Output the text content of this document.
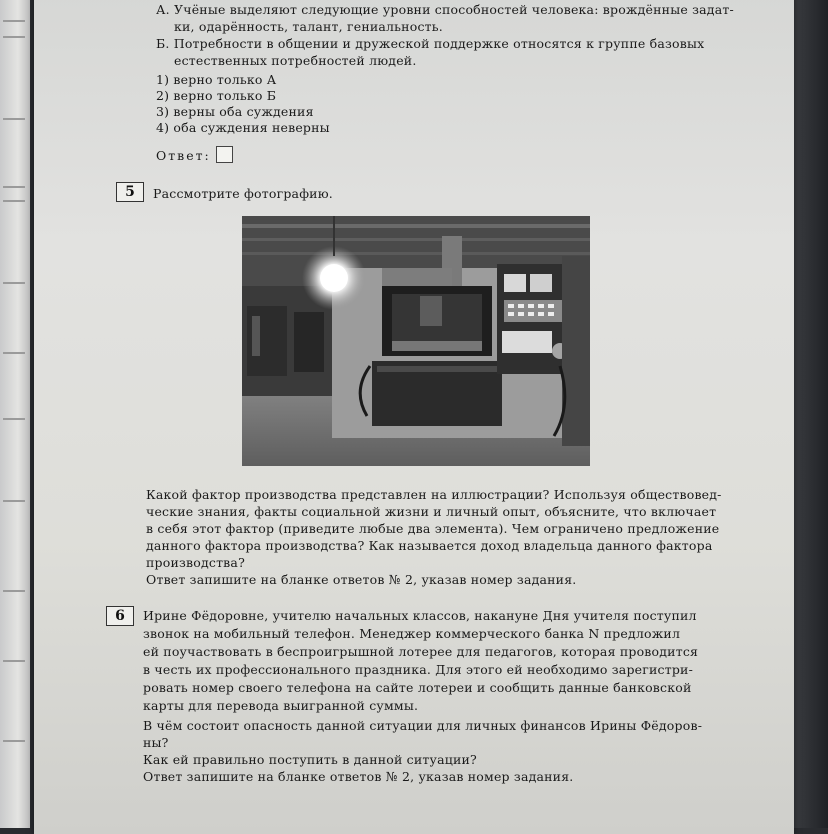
А. Учёные выделяют следующие уровни способностей человека: врождённые задат-
ки, одарённость, талант, гениальность.
Б. Потребности в общении и дружеской поддержке относятся к группе базовых
естественных потребностей людей.
1) верно только А
2) верно только Б
3) верны оба суждения
4) оба суждения неверны
Ответ:
5	Рассмотрите фотографию.
Какой фактор производства представлен на иллюстрации? Используя обществовед-
ческие знания, факты социальной жизни и личный опыт, объясните, что включает
в себя этот фактор (приведите любые два элемента). Чем ограничено предложение
данного фактора производства? Как называется доход владельца данного фактора
производства?
Ответ запишите на бланке ответов № 2, указав номер задания.
6	Ирине Фёдоровне, учителю начальных классов, накануне Дня учителя поступил
звонок на мобильный телефон. Менеджер коммерческого банка N предложил
ей поучаствовать в беспроигрышной лотерее для педагогов, которая проводится
в честь их профессионального праздника. Для этого ей необходимо зарегистри-
ровать номер своего телефона на сайте лотереи и сообщить данные банковской
карты для перевода выигранной суммы.
В чём состоит опасность данной ситуации для личных финансов Ирины Фёдоров-
ны?
Как ей правильно поступить в данной ситуации?
Ответ запишите на бланке ответов № 2, указав номер задания.
